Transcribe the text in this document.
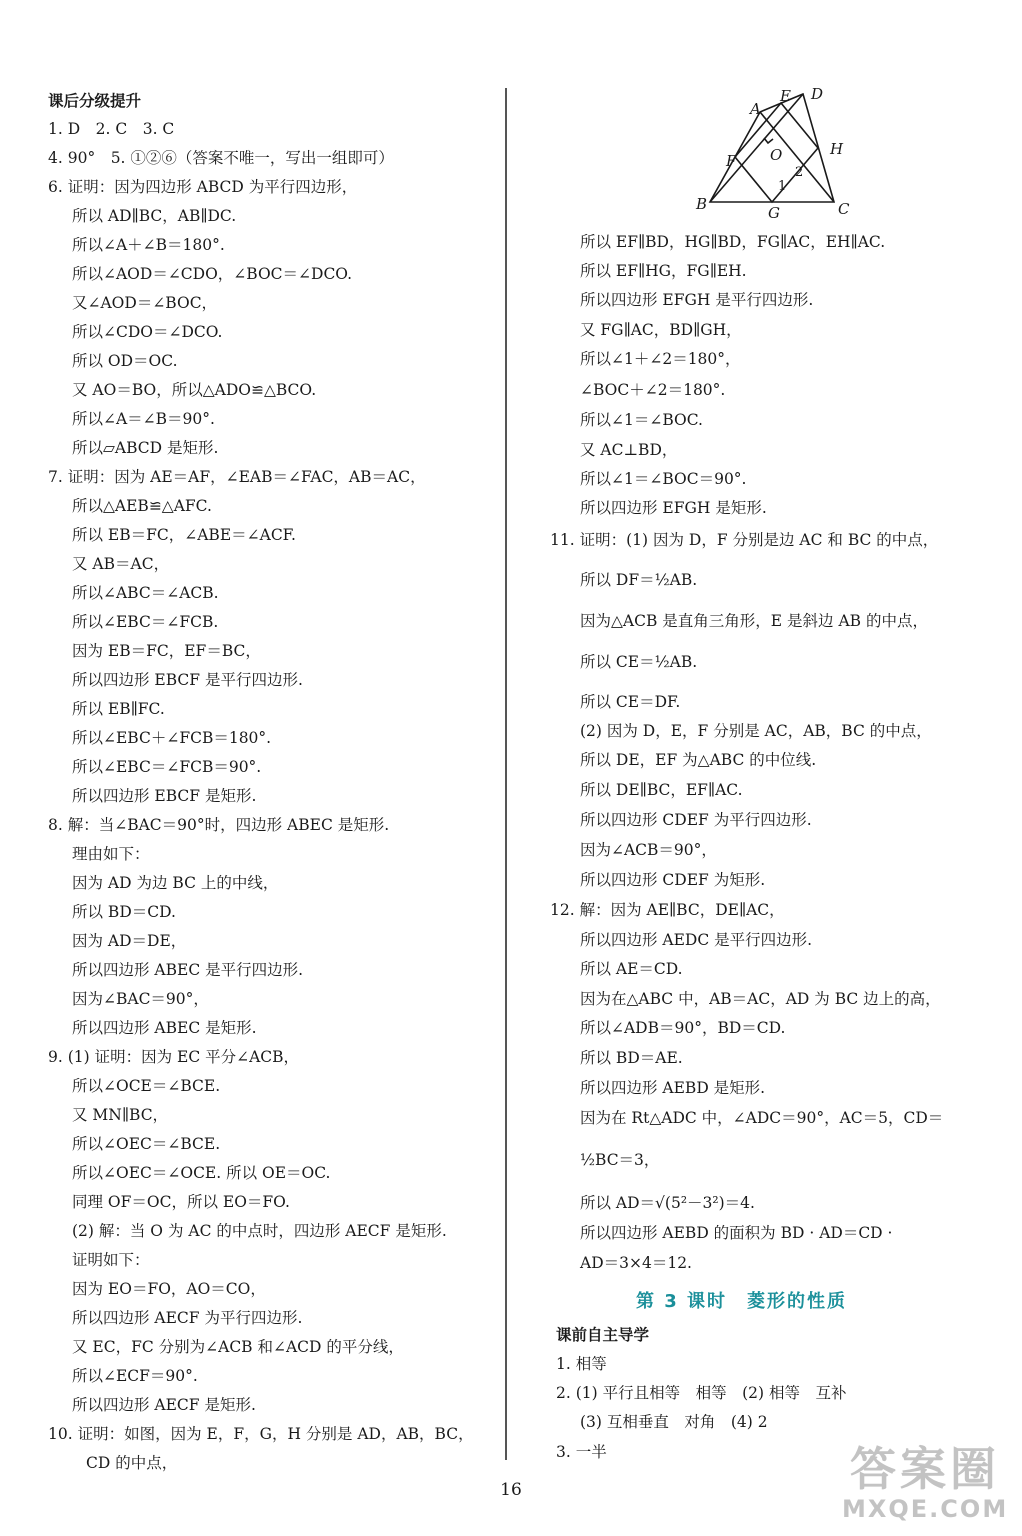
课后分级提升
1. D　2. C　3. C
4. 90°　5. ①②⑥（答案不唯一，写出一组即可）
6. 证明：因为四边形 ABCD 为平行四边形，
所以 AD∥BC，AB∥DC.
所以∠A＋∠B＝180°.
所以∠AOD＝∠CDO，∠BOC＝∠DCO.
又∠AOD＝∠BOC，
所以∠CDO＝∠DCO.
所以 OD＝OC.
又 AO＝BO，所以△ADO≌△BCO.
所以∠A＝∠B＝90°.
所以▱ABCD 是矩形.
7. 证明：因为 AE＝AF，∠EAB＝∠FAC，AB＝AC，
所以△AEB≌△AFC.
所以 EB＝FC，∠ABE＝∠ACF.
又 AB＝AC，
所以∠ABC＝∠ACB.
所以∠EBC＝∠FCB.
因为 EB＝FC，EF＝BC，
所以四边形 EBCF 是平行四边形.
所以 EB∥FC.
所以∠EBC＋∠FCB＝180°.
所以∠EBC＝∠FCB＝90°.
所以四边形 EBCF 是矩形.
8. 解：当∠BAC＝90°时，四边形 ABEC 是矩形.
理由如下：
因为 AD 为边 BC 上的中线，
所以 BD＝CD.
因为 AD＝DE，
所以四边形 ABEC 是平行四边形.
因为∠BAC＝90°，
所以四边形 ABEC 是矩形.
9. (1) 证明：因为 EC 平分∠ACB，
所以∠OCE＝∠BCE.
又 MN∥BC，
所以∠OEC＝∠BCE.
所以∠OEC＝∠OCE. 所以 OE＝OC.
同理 OF＝OC，所以 EO＝FO.
(2) 解：当 O 为 AC 的中点时，四边形 AECF 是矩形.
证明如下：
因为 EO＝FO，AO＝CO，
所以四边形 AECF 为平行四边形.
又 EC，FC 分别为∠ACB 和∠ACD 的平分线，
所以∠ECF＝90°.
所以四边形 AECF 是矩形.
10. 证明：如图，因为 E，F，G，H 分别是 AD，AB，BC，
CD 的中点，
A
E D
F O	H
B	G	C
1
2
所以 EF∥BD，HG∥BD，FG∥AC，EH∥AC.
所以 EF∥HG，FG∥EH.
所以四边形 EFGH 是平行四边形.
又 FG∥AC，BD∥GH，
所以∠1＋∠2＝180°，
∠BOC＋∠2＝180°.
所以∠1＝∠BOC.
又 AC⊥BD，
所以∠1＝∠BOC＝90°.
所以四边形 EFGH 是矩形.
11. 证明：(1) 因为 D，F 分别是边 AC 和 BC 的中点，
所以 DF＝½AB.
因为△ACB 是直角三角形，E 是斜边 AB 的中点，
所以 CE＝½AB.
所以 CE＝DF.
(2) 因为 D，E，F 分别是 AC，AB，BC 的中点，
所以 DE，EF 为△ABC 的中位线.
所以 DE∥BC，EF∥AC.
所以四边形 CDEF 为平行四边形.
因为∠ACB＝90°，
所以四边形 CDEF 为矩形.
12. 解：因为 AE∥BC，DE∥AC，
所以四边形 AEDC 是平行四边形.
所以 AE＝CD.
因为在△ABC 中，AB＝AC，AD 为 BC 边上的高，
所以∠ADB＝90°，BD＝CD.
所以 BD＝AE.
所以四边形 AEBD 是矩形.
因为在 Rt△ADC 中，∠ADC＝90°，AC＝5，CD＝
½BC＝3，
所以 AD＝√(5²－3²)＝4.
所以四边形 AEBD 的面积为 BD · AD＝CD ·
AD＝3×4＝12.
课前自主导学
1. 相等
2. (1) 平行且相等　相等　(2) 相等　互补
(3) 互相垂直　对角　(4) 2
3. 一半
第 3 课时　菱形的性质
16	答案圈
MXQE.COM
